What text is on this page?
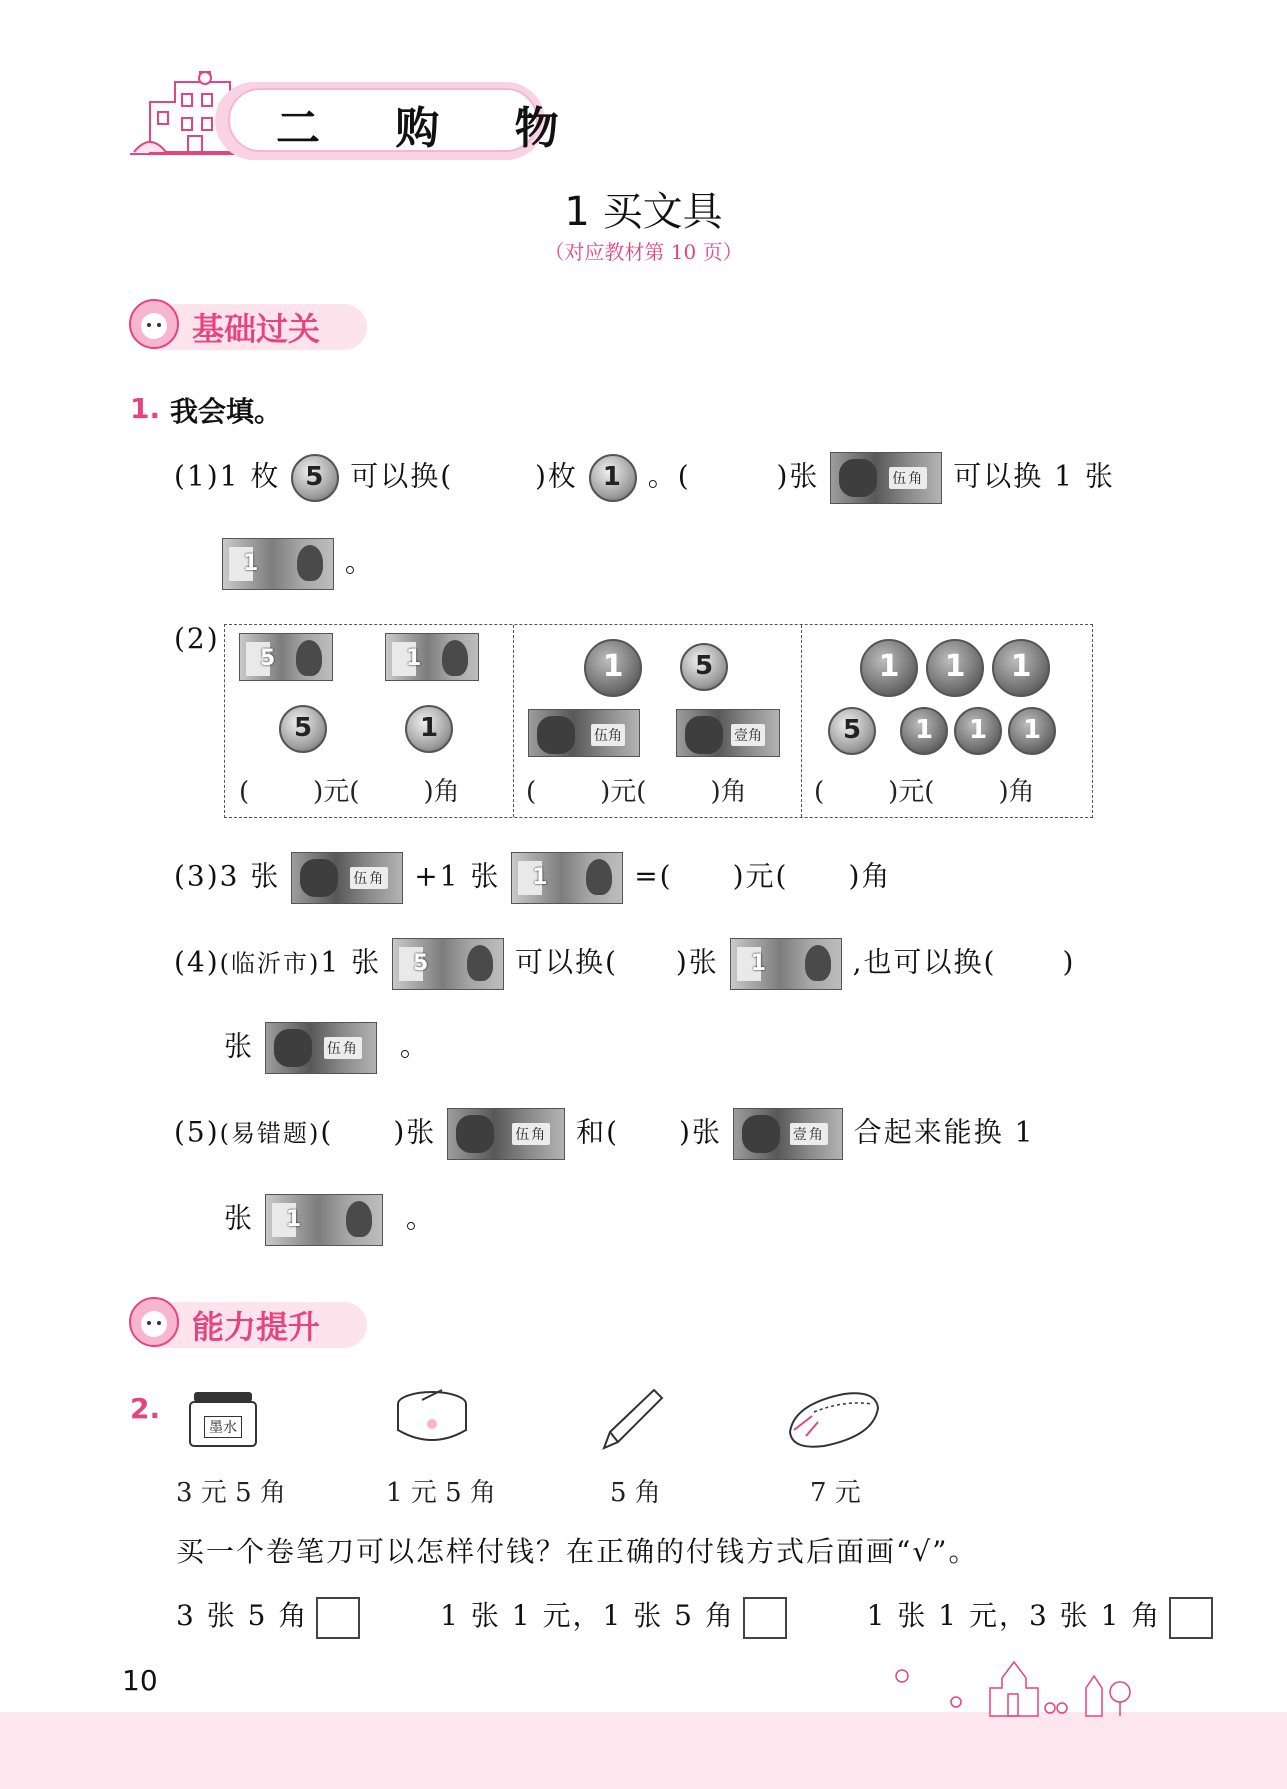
二 购 物
1 买文具
（对应教材第 10 页）
基础过关
1. 我会填。
(1)1 枚 5 可以换(	)枚 1 。(	)张	伍角 可以换 1 张
1	。
(2)
5	1
5	1
( )元( )角
1	5
伍角	壹角
( )元( )角
1	1	1
5	1	1	1
( )元( )角
(3)3 张	伍角 +1 张 1	=( )元( )角
(4)(临沂市)1 张 5	可以换( )张 1	,也可以换( )
张	伍角 。
(5)(易错题)( )张	伍角 和( )张	壹角 合起来能换 1
张 1	。
能力提升
2.
墨水
3 元 5 角	1 元 5 角	5 角	7 元
买一个卷笔刀可以怎样付钱？在正确的付钱方式后面画“√”。
3 张 5 角	1 张 1 元，1 张 5 角	1 张 1 元，3 张 1 角
10
